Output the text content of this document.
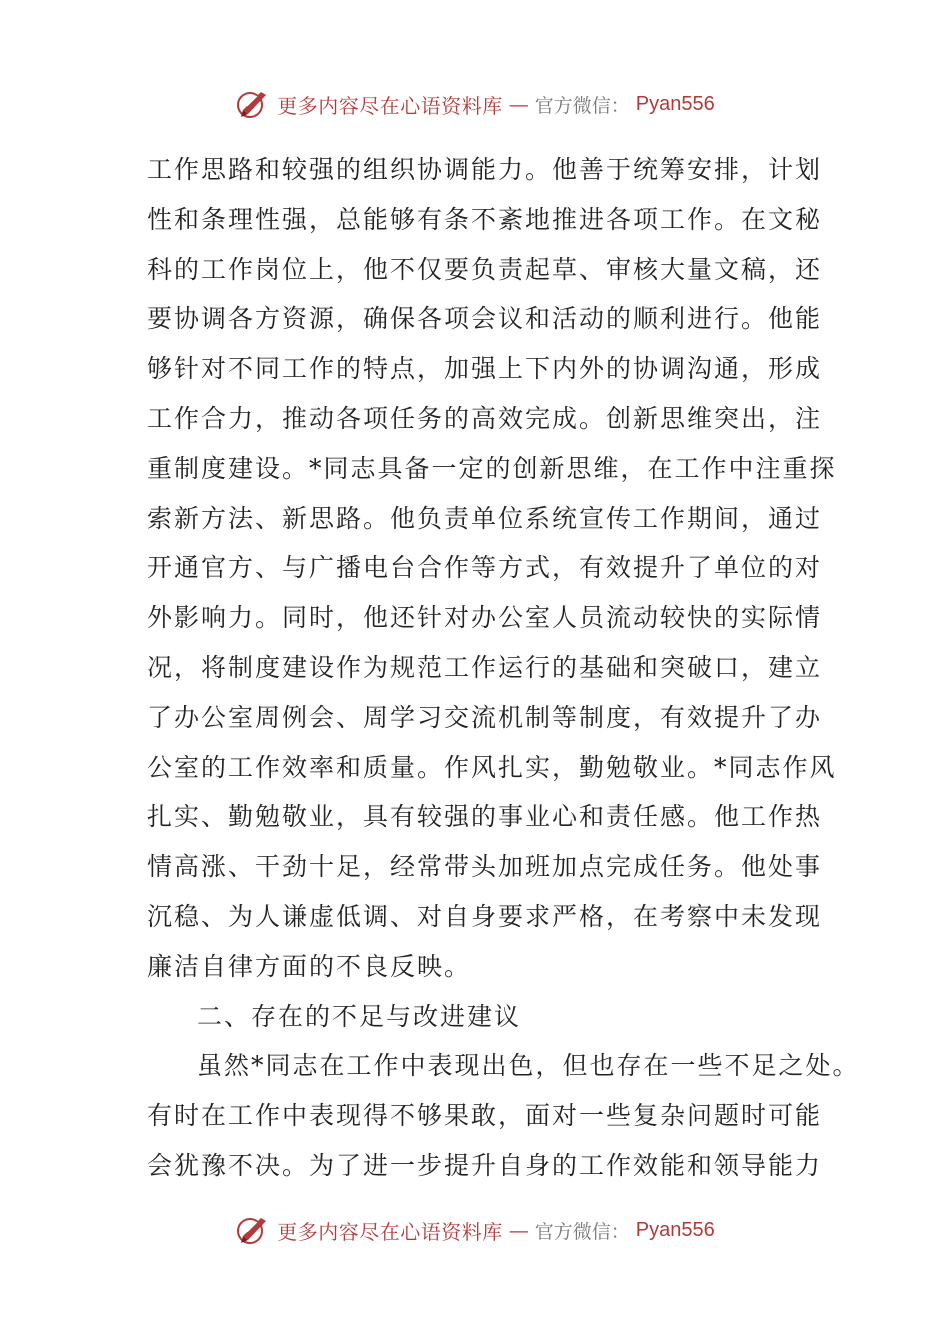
更多内容尽在心语资料库 — 官方微信： Pyan556
工作思路和较强的组织协调能力。他善于统筹安排，计划
性和条理性强，总能够有条不紊地推进各项工作。在文秘
科的工作岗位上，他不仅要负责起草、审核大量文稿，还
要协调各方资源，确保各项会议和活动的顺利进行。他能
够针对不同工作的特点，加强上下内外的协调沟通，形成
工作合力，推动各项任务的高效完成。创新思维突出，注
重制度建设。*同志具备一定的创新思维，在工作中注重探
索新方法、新思路。他负责单位系统宣传工作期间，通过
开通官方、与广播电台合作等方式，有效提升了单位的对
外影响力。同时，他还针对办公室人员流动较快的实际情
况，将制度建设作为规范工作运行的基础和突破口，建立
了办公室周例会、周学习交流机制等制度，有效提升了办
公室的工作效率和质量。作风扎实，勤勉敬业。*同志作风
扎实、勤勉敬业，具有较强的事业心和责任感。他工作热
情高涨、干劲十足，经常带头加班加点完成任务。他处事
沉稳、为人谦虚低调、对自身要求严格，在考察中未发现
廉洁自律方面的不良反映。
二、存在的不足与改进建议
虽然*同志在工作中表现出色，但也存在一些不足之处。
有时在工作中表现得不够果敢，面对一些复杂问题时可能
会犹豫不决。为了进一步提升自身的工作效能和领导能力
更多内容尽在心语资料库 — 官方微信： Pyan556
